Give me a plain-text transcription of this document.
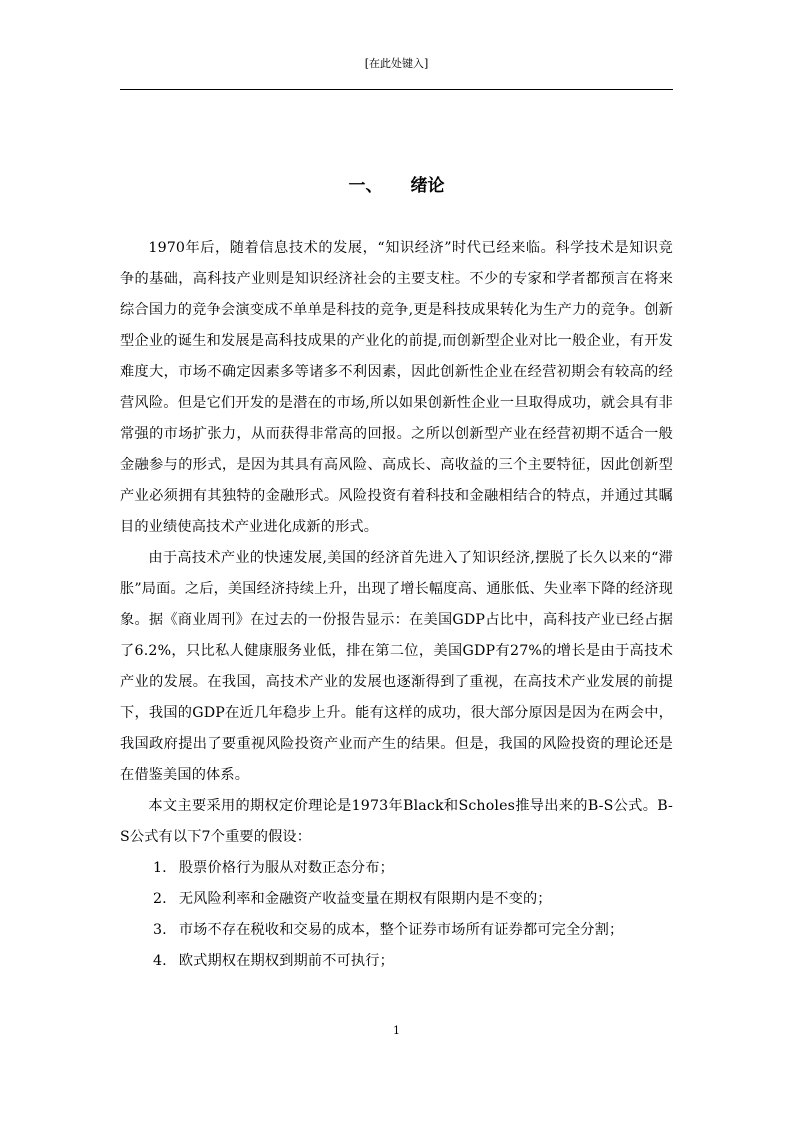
[在此处键入]
一、 绪论

1970年后，随着信息技术的发展，“知识经济”时代已经来临。科学技术是知识竞争的基础，高科技产业则是知识经济社会的主要支柱。不少的专家和学者都预言在将来综合国力的竞争会演变成不单单是科技的竞争,更是科技成果转化为生产力的竞争。创新型企业的诞生和发展是高科技成果的产业化的前提,而创新型企业对比一般企业，有开发难度大，市场不确定因素多等诸多不利因素，因此创新性企业在经营初期会有较高的经营风险。但是它们开发的是潜在的市场,所以如果创新性企业一旦取得成功，就会具有非常强的市场扩张力，从而获得非常高的回报。之所以创新型产业在经营初期不适合一般金融参与的形式，是因为其具有高风险、高成长、高收益的三个主要特征，因此创新型产业必须拥有其独特的金融形式。风险投资有着科技和金融相结合的特点，并通过其瞩目的业绩使高技术产业进化成新的形式。

由于高技术产业的快速发展,美国的经济首先进入了知识经济,摆脱了长久以来的“滞胀”局面。之后，美国经济持续上升，出现了增长幅度高、通胀低、失业率下降的经济现象。据《商业周刊》在过去的一份报告显示：在美国GDP占比中，高科技产业已经占据了6.2%，只比私人健康服务业低，排在第二位，美国GDP有27%的增长是由于高技术产业的发展。在我国，高技术产业的发展也逐渐得到了重视，在高技术产业发展的前提下，我国的GDP在近几年稳步上升。能有这样的成功，很大部分原因是因为在两会中，我国政府提出了要重视风险投资产业而产生的结果。但是，我国的风险投资的理论还是在借鉴美国的体系。

本文主要采用的期权定价理论是1973年Black和Scholes推导出来的B-S公式。B-S公式有以下7个重要的假设：

1. 股票价格行为服从对数正态分布；
2. 无风险利率和金融资产收益变量在期权有限期内是不变的；
3. 市场不存在税收和交易的成本，整个证券市场所有证券都可完全分割；
4. 欧式期权在期权到期前不可执行；
1
